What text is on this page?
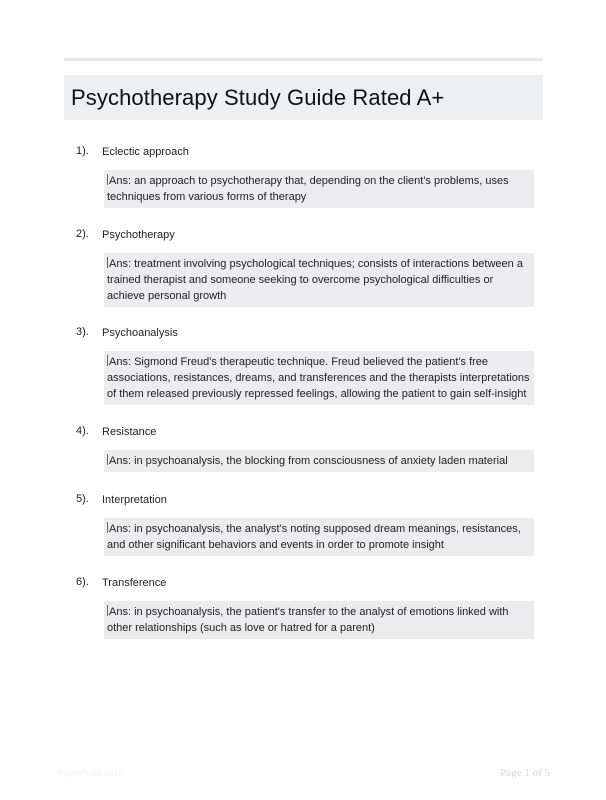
Psychotherapy Study Guide Rated A+
1). Eclectic approach
Ans: an approach to psychotherapy that, depending on the client's problems, uses techniques from various forms of therapy
2). Psychotherapy
Ans: treatment involving psychological techniques; consists of interactions between a trained therapist and someone seeking to overcome psychological difficulties or achieve personal growth
3). Psychoanalysis
Ans: Sigmond Freud's therapeutic technique. Freud believed the patient's free associations, resistances, dreams, and transferences and the therapists interpretations of them released previously repressed feelings, allowing the patient to gain self-insight
4). Resistance
Ans: in psychoanalysis, the blocking from consciousness of anxiety laden material
5). Interpretation
Ans: in psychoanalysis, the analyst's noting supposed dream meanings, resistances, and other significant behaviors and events in order to promote insight
6). Transference
Ans: in psychoanalysis, the patient's transfer to the analyst of emotions linked with other relationships (such as love or hatred for a parent)
Paperfolio.com	Page 1 of 5
